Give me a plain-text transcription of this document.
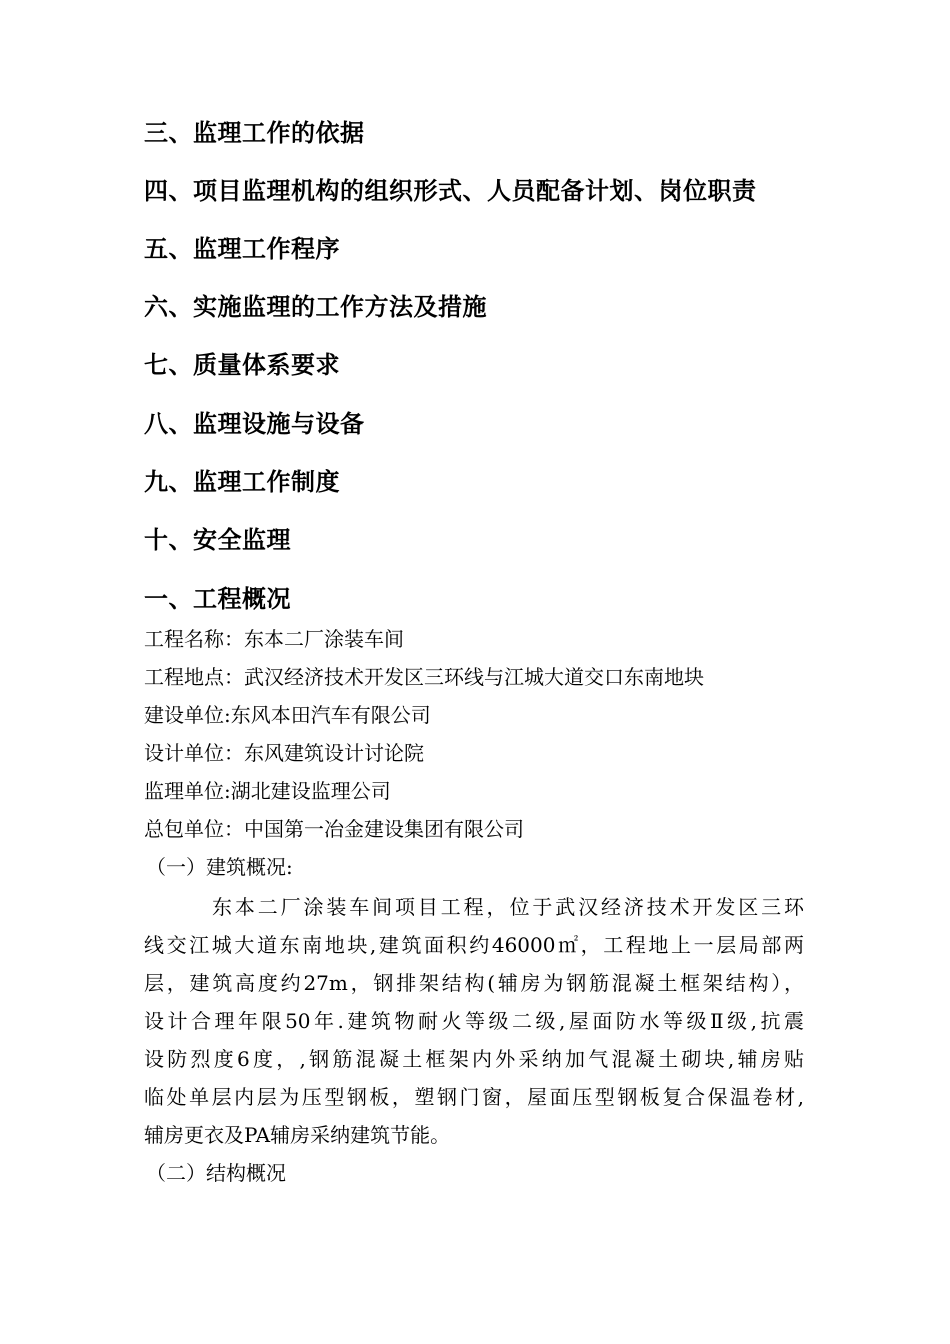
三、监理工作的依据
四、项目监理机构的组织形式、人员配备计划、岗位职责
五、监理工作程序
六、实施监理的工作方法及措施
七、质量体系要求
八、监理设施与设备
九、监理工作制度
十、安全监理
一、工程概况
工程名称：东本二厂涂装车间
工程地点：武汉经济技术开发区三环线与江城大道交口东南地块
建设单位:东风本田汽车有限公司
设计单位：东风建筑设计讨论院
监理单位:湖北建设监理公司
总包单位：中国第一冶金建设集团有限公司
（一）建筑概况:
东本二厂涂装车间项目工程，位于武汉经济技术开发区三环
线交江城大道东南地块,建筑面积约46000㎡，工程地上一层局部两
层，建筑高度约27m，钢排架结构(辅房为钢筋混凝土框架结构），
设计合理年限50年.建筑物耐火等级二级,屋面防水等级Ⅱ级,抗震
设防烈度6度，,钢筋混凝土框架内外采纳加气混凝土砌块,辅房贴
临处单层内层为压型钢板，塑钢门窗，屋面压型钢板复合保温卷材,
辅房更衣及PA辅房采纳建筑节能。
（二）结构概况
